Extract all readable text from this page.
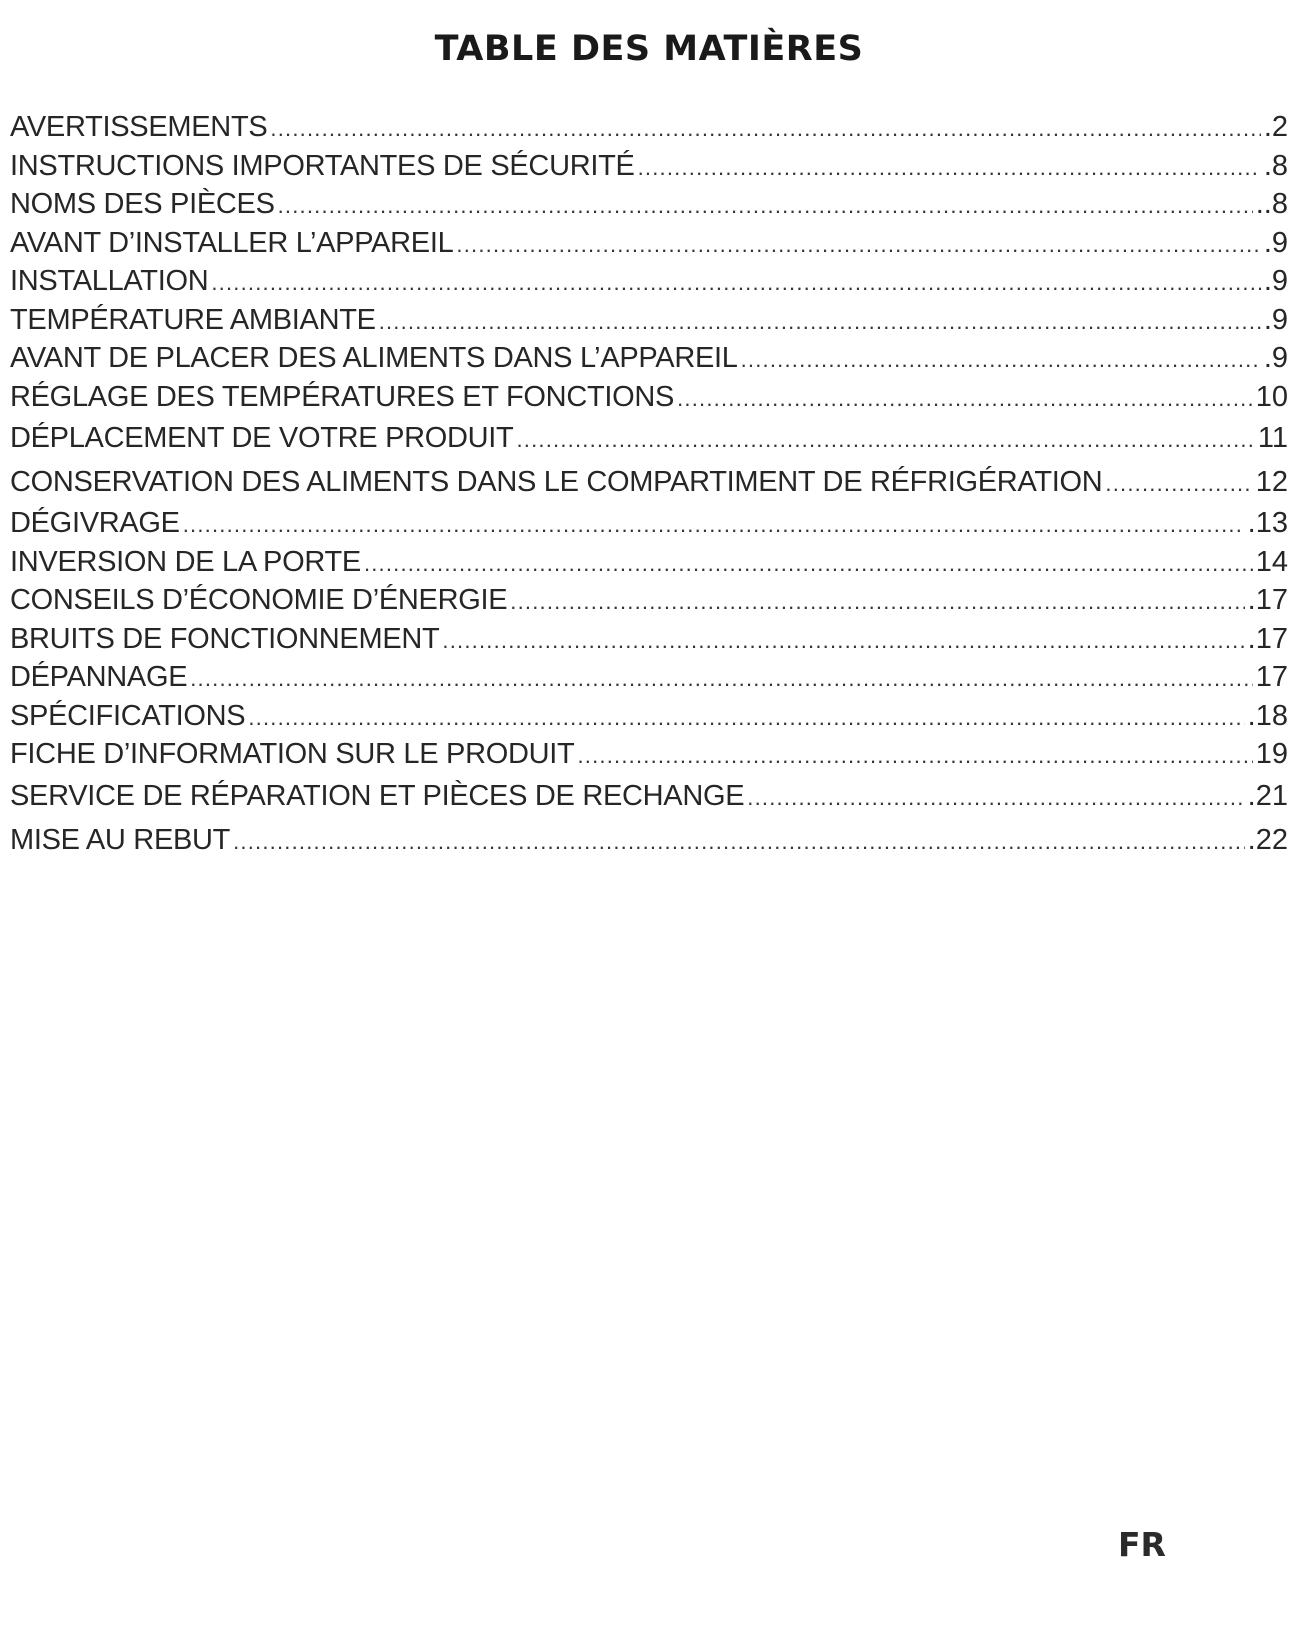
TABLE DES MATIÈRES
AVERTISSEMENTS .....	.2
INSTRUCTIONS IMPORTANTES DE SÉCURITÉ .....	.8
NOMS DES PIÈCES .....	..8
AVANT D’INSTALLER L’APPAREIL .....	.9
INSTALLATION .....	.9
TEMPÉRATURE AMBIANTE .....	.9
AVANT DE PLACER DES ALIMENTS DANS L’APPAREIL .....	.9
RÉGLAGE DES TEMPÉRATURES ET FONCTIONS .....	10
DÉPLACEMENT DE VOTRE PRODUIT .....	11
CONSERVATION DES ALIMENTS DANS LE COMPARTIMENT DE RÉFRIGÉRATION .....	12
DÉGIVRAGE .....	.13
INVERSION DE LA PORTE .....	14
CONSEILS D’ÉCONOMIE D’ÉNERGIE .....	.17
BRUITS DE FONCTIONNEMENT .....	.17
DÉPANNAGE .....	17
SPÉCIFICATIONS .....	.18
FICHE D’INFORMATION SUR LE PRODUIT .....	19
SERVICE DE RÉPARATION ET PIÈCES DE RECHANGE .....	.21
MISE AU REBUT .....	.22
FR
